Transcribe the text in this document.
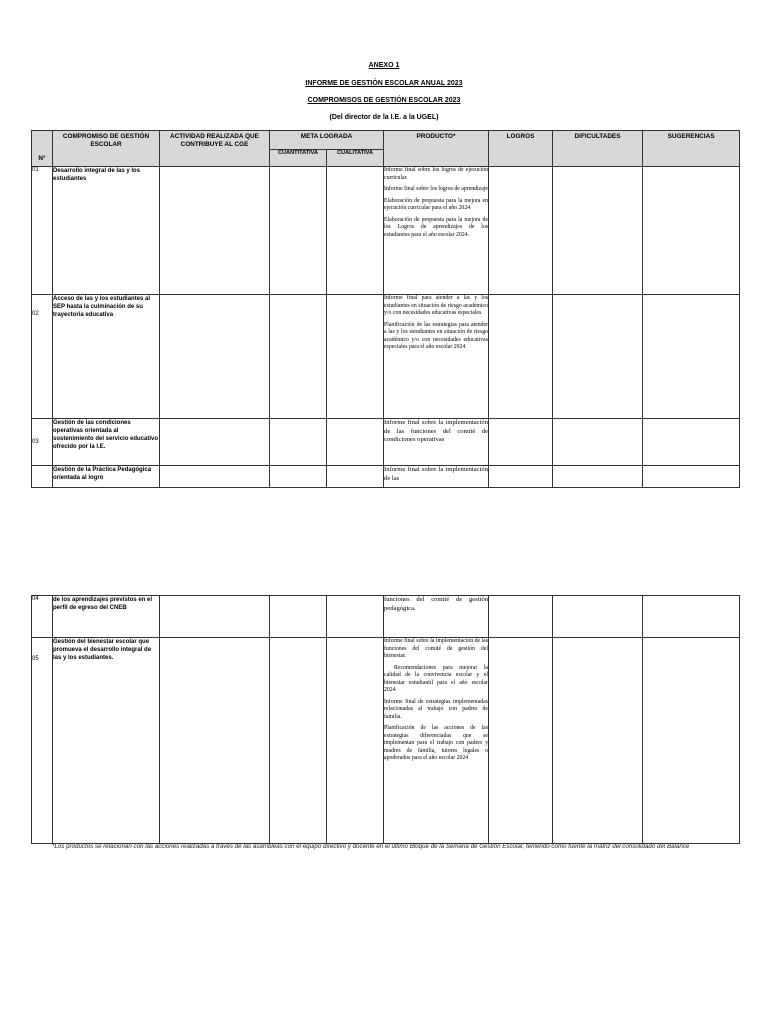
ANEXO 1
INFORME DE GESTIÓN ESCOLAR ANUAL 2023
COMPROMISOS DE GESTIÓN ESCOLAR 2023
(Del director de la I.E. a la UGEL)
N°	COMPROMISO DE GESTIÓN ESCOLAR	ACTIVIDAD REALIZADA QUE CONTRIBUYE AL CGE	META LOGRADA		PRODUCTO*	LOGROS	DIFICULTADES	SUGERENCIAS
			CUANTITATIVA	CUALITATIVA				
01	Desarrollo integral de las y los estudiantes				Informe final sobre los logros de ejecución curricular.

Informe final sobre los logros de aprendizaje

Elaboración de propuesta para la mejora en ejecución curricular para el año 2024

Elaboración de propuesta para la mejora de los Logros de aprendizajes de los estudiantes para el año escolar 2024.			

02	Acceso de las y los estudiantes al SEP hasta la culminación de su trayectoria educativa				Informe final para atender a las y los estudiantes en situación de riesgo académico y/o con necesidades educativas especiales.

Planificación de las estrategias para atender a las y los estudiantes en situación de riesgo académico y/o con necesidades educativas especiales para el año escolar 2024			

03	Gestión de las condiciones operativas orientada al sostenimiento del servicio educativo ofrecido por la I.E.				Informe final sobre la implementación de las funciones del comité de condiciones operativas			

	Gestión de la Práctica Pedagógica orientada al logro				Informe final sobre la implementación de las			

04	de los aprendizajes previstos en el perfil de egreso del CNEB				funciones del comité de gestión pedagógica.			

05	Gestión del bienestar escolar que promueva el desarrollo integral de las y los estudiantes.				Informe final sobre la implementación de las funciones del comité de gestión del bienestar.

Recomendaciones para mejorar la calidad de la convivencia escolar y el bienestar estudiantil para el año escolar 2024

Informe final de estrategias implementadas relacionadas al trabajo con padres de familia.

Planificación de las acciones de las estrategias diferenciadas que se implementan para el trabajo con padres y madres de familia, tutores legales o apoderados para el año escolar 2024			

*Los productos se relacionan con las acciones realizadas a través de las asambleas con el equipo directivo y docente en el último Bloque de la Semana de Gestión Escolar, teniendo como fuente la matriz del consolidado del Balance
